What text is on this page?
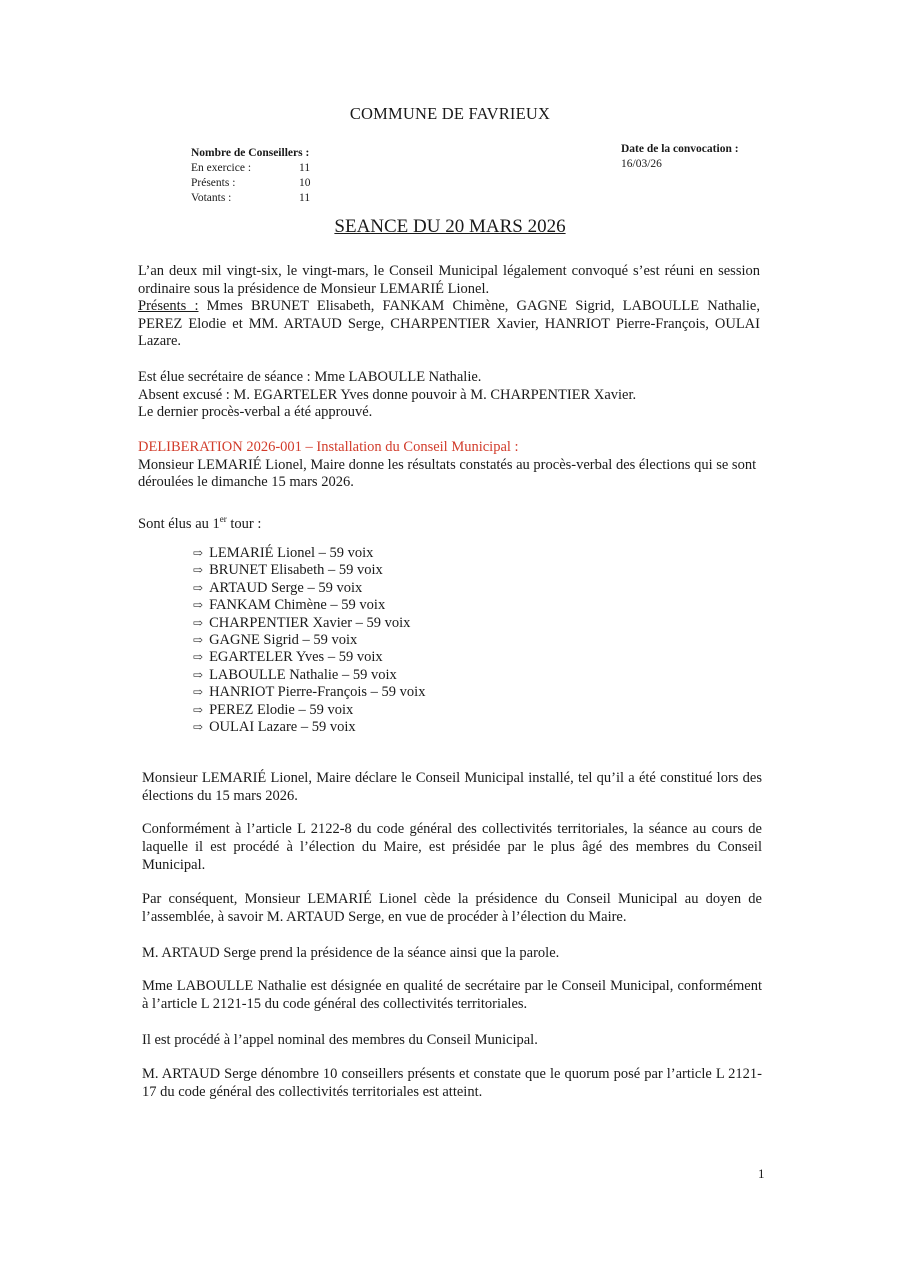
COMMUNE DE FAVRIEUX
Nombre de Conseillers :
En exercice :	11
Présents :	10
Votants :	11
Date de la convocation :
16/03/26
SEANCE DU 20 MARS 2026
L’an deux mil vingt-six, le vingt-mars, le Conseil Municipal légalement convoqué s’est réuni en session ordinaire sous la présidence de Monsieur LEMARIÉ Lionel.
Présents : Mmes BRUNET Elisabeth, FANKAM Chimène, GAGNE Sigrid, LABOULLE Nathalie, PEREZ Elodie et MM. ARTAUD Serge, CHARPENTIER Xavier, HANRIOT Pierre-François, OULAI Lazare.
Est élue secrétaire de séance : Mme LABOULLE Nathalie.
Absent excusé : M. EGARTELER Yves donne pouvoir à M. CHARPENTIER Xavier.
Le dernier procès-verbal a été approuvé.
DELIBERATION 2026-001 – Installation du Conseil Municipal :
Monsieur LEMARIÉ Lionel, Maire donne les résultats constatés au procès-verbal des élections qui se sont déroulées le dimanche 15 mars 2026.
Sont élus au 1er tour :
⇨ LEMARIÉ Lionel – 59 voix
⇨ BRUNET Elisabeth – 59 voix
⇨ ARTAUD Serge – 59 voix
⇨ FANKAM Chimène – 59 voix
⇨ CHARPENTIER Xavier – 59 voix
⇨ GAGNE Sigrid – 59 voix
⇨ EGARTELER Yves – 59 voix
⇨ LABOULLE Nathalie – 59 voix
⇨ HANRIOT Pierre-François – 59 voix
⇨ PEREZ Elodie – 59 voix
⇨ OULAI Lazare – 59 voix
Monsieur LEMARIÉ Lionel, Maire déclare le Conseil Municipal installé, tel qu’il a été constitué lors des élections du 15 mars 2026.
Conformément à l’article L 2122-8 du code général des collectivités territoriales, la séance au cours de laquelle il est procédé à l’élection du Maire, est présidée par le plus âgé des membres du Conseil Municipal.
Par conséquent, Monsieur LEMARIÉ Lionel cède la présidence du Conseil Municipal au doyen de l’assemblée, à savoir M. ARTAUD Serge, en vue de procéder à l’élection du Maire.
M. ARTAUD Serge prend la présidence de la séance ainsi que la parole.
Mme LABOULLE Nathalie est désignée en qualité de secrétaire par le Conseil Municipal, conformément à l’article L 2121-15 du code général des collectivités territoriales.
Il est procédé à l’appel nominal des membres du Conseil Municipal.
M. ARTAUD Serge dénombre 10 conseillers présents et constate que le quorum posé par l’article L 2121-17 du code général des collectivités territoriales est atteint.
1
